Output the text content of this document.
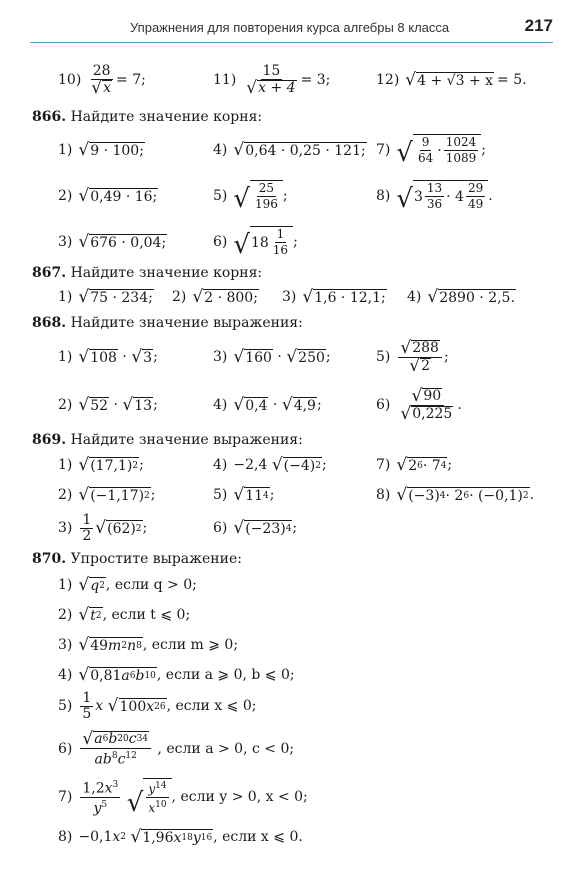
Упражнения для повторения курса алгебры 8 класса	217
$10) \frac{28}{√ x} = 7$;	$11) \frac{15}{√ x + 4} = 3$;	12) √ 4 + √3 + x = 5.
866. Найдите значение корня:
1) √ 9 · 100;	4) √ 0,64 · 0,25 · 121; 7) √ $\frac{9}{64} \cdot \frac{1024}{1089}$ ;
2) √ 0,49 · 16;	5) √ $\frac{25}{196}$ ;	8) √ $3 \frac{13}{36} \cdot 4 \frac{29}{49}$ .
3) √ 676 · 0,04;	6) √ $18 \frac{1}{16}$ ;
867. Найдите значение корня:
1) √ 75 · 234; 2) √ 2 · 800; 3) √ 1,6 · 12,1; 4) √ 2890 · 2,5.
868. Найдите значение выражения:
1) √ 108 · √ 3 ;	3) √ 160 · √ 250 ;	$5) \frac{√ 288}{√ 2}$ ;
2) √ 52 · √ 13 ;	4) √ 0,4 · √ 4,9 ;	$6) \frac{√ 90}{√ 0,225}$ .
869. Найдите значение выражения:
1) √ (17,1) 2 ;	4) −2,4
√ (−4) 2 ;	7) √ 2 6 · 7 4 ;
2) √ (−1,17) 2 ;	5) √ 11 4 ;	8) √ (−3) 4 · 2 6 · (−0,1) 2 .
$3) \frac{1}{2}$ √ (62) 2 ;	6) √ (−23) 4 ;
870. Упростите выражение:
1) √ q 2 , если q > 0;
2) √ t 2 , если t ⩽ 0;
3) √ 49 m 2 n 8 , если m ⩾ 0;
4) √ 0,81 a 6 b 10 , если a ⩾ 0, b ⩽ 0;
$5) \frac{1}{5}$ x
√ 100 x 26 , если x ⩽ 0;
$6) \frac{√ a 6 b 20 c 34}{ab^8c^{12}}$ , если a > 0, c < 0;
$7) \frac{1,2x^3}{y^5}$
√ $\frac{y^{14}}{x^{10}}$ , если y > 0, x < 0;
8) −0,1 x 2
√ 1,96 x 18 y 16 , если x ⩽ 0.
